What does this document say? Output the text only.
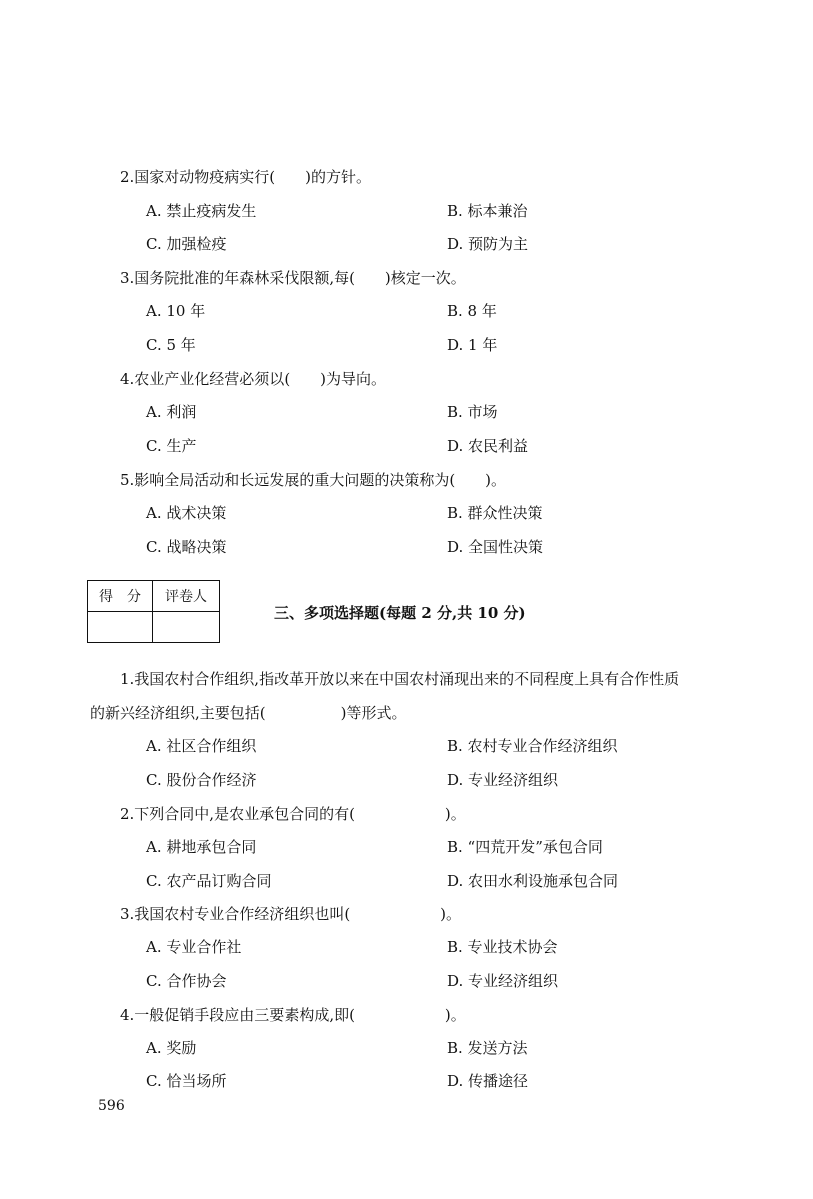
2.国家对动物疫病实行(　　)的方针。
A. 禁止疫病发生	B. 标本兼治
C. 加强检疫	D. 预防为主
3.国务院批准的年森林采伐限额,每(　　)核定一次。
A. 10 年	B. 8 年
C. 5 年	D. 1 年
4.农业产业化经营必须以(　　)为导向。
A. 利润	B. 市场
C. 生产	D. 农民利益
5.影响全局活动和长远发展的重大问题的决策称为(　　)。
A. 战术决策	B. 群众性决策
C. 战略决策	D. 全国性决策
得　分	评卷人

三、多项选择题(每题 2 分,共 10 分)
1.我国农村合作组织,指改革开放以来在中国农村涌现出来的不同程度上具有合作性质
的新兴经济组织,主要包括(　　　　　)等形式。
A. 社区合作组织	B. 农村专业合作经济组织
C. 股份合作经济	D. 专业经济组织
2.下列合同中,是农业承包合同的有(　　　　　　)。
A. 耕地承包合同	B. “四荒开发”承包合同
C. 农产品订购合同	D. 农田水利设施承包合同
3.我国农村专业合作经济组织也叫(　　　　　　)。
A. 专业合作社	B. 专业技术协会
C. 合作协会	D. 专业经济组织
4.一般促销手段应由三要素构成,即(　　　　　　)。
A. 奖励	B. 发送方法
C. 恰当场所	D. 传播途径
596
